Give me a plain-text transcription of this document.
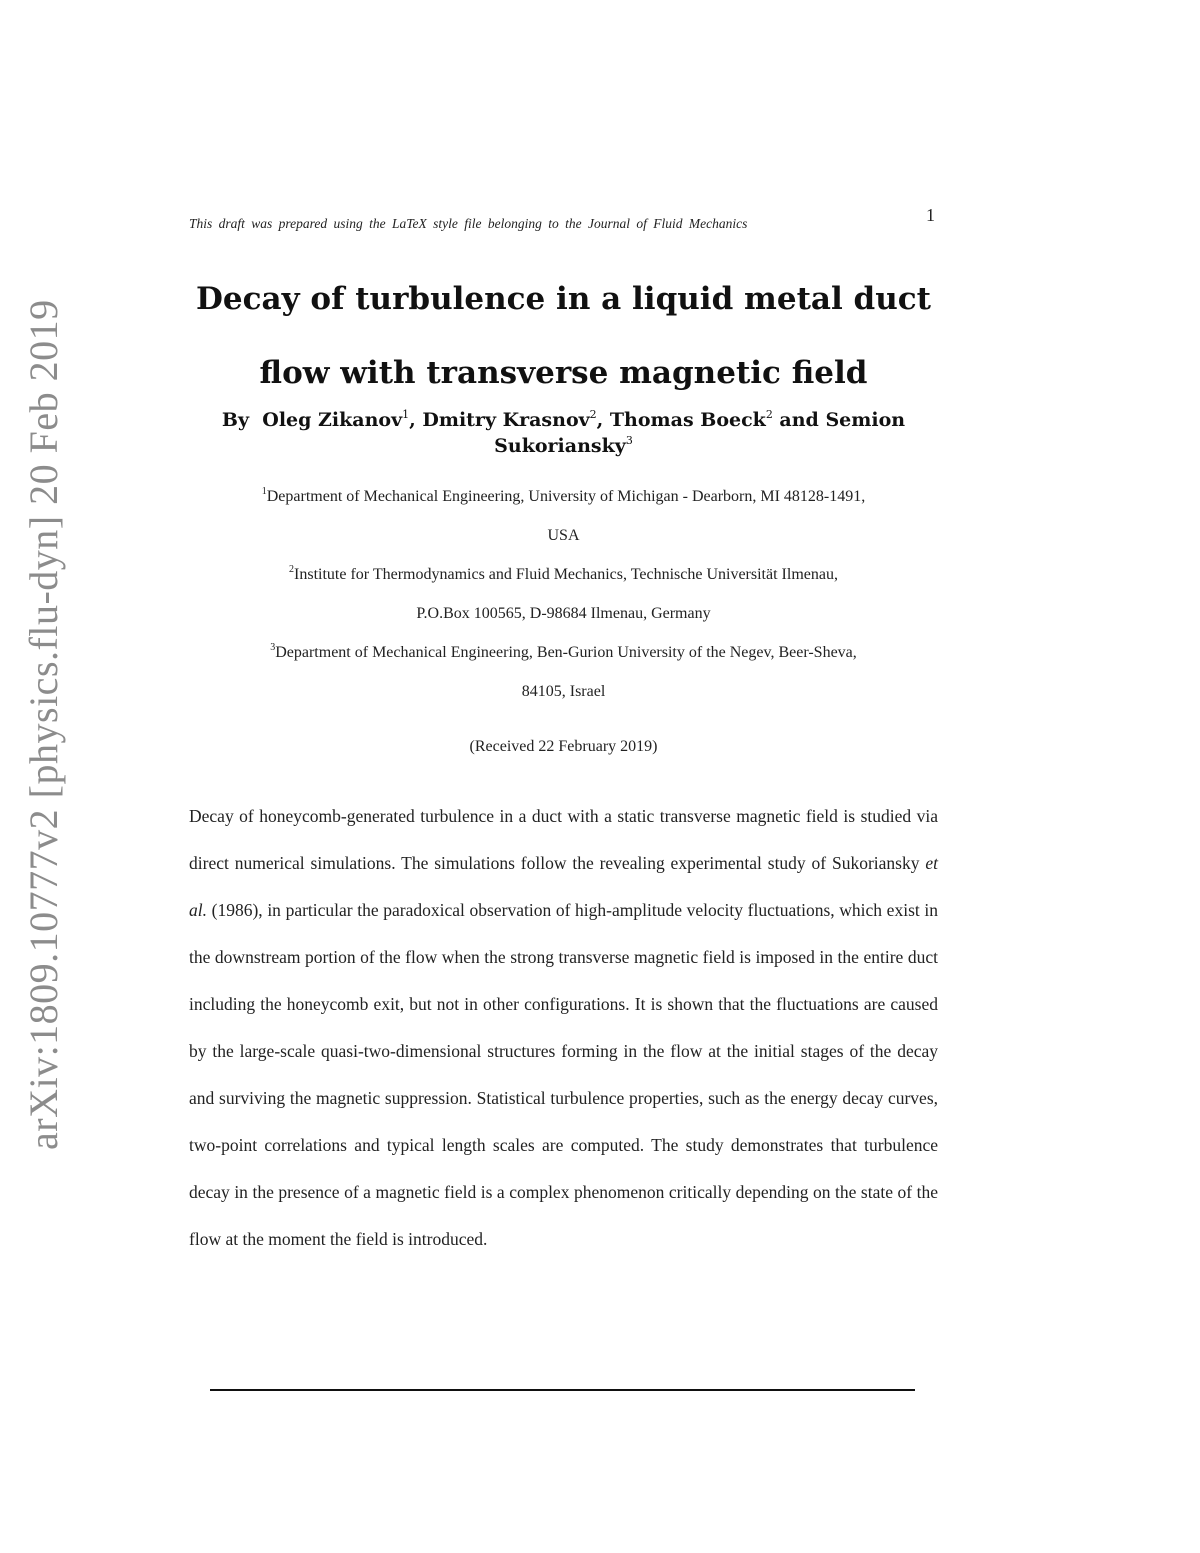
arXiv:1809.10777v2 [physics.flu-dyn] 20 Feb 2019
This draft was prepared using the LaTeX style file belonging to the Journal of Fluid Mechanics	1
Decay of turbulence in a liquid metal duct
flow with transverse magnetic field
By Oleg Zikanov$^1$, Dmitry Krasnov$^2$, Thomas Boeck$^2$ and Semion Sukoriansky$^3$
$^1$Department of Mechanical Engineering, University of Michigan - Dearborn, MI 48128-1491,
USA
$^2$Institute for Thermodynamics and Fluid Mechanics, Technische Universität Ilmenau,
P.O.Box 100565, D-98684 Ilmenau, Germany
$^3$Department of Mechanical Engineering, Ben-Gurion University of the Negev, Beer-Sheva,
84105, Israel
(Received 22 February 2019)

Decay of honeycomb-generated turbulence in a duct with a static transverse magnetic field is studied via direct numerical simulations. The simulations follow the revealing experimental study of Sukoriansky et al. (1986), in particular the paradoxical observation of high-amplitude velocity fluctuations, which exist in the downstream portion of the flow when the strong transverse magnetic field is imposed in the entire duct including the honeycomb exit, but not in other configurations. It is shown that the fluctuations are caused by the large-scale quasi-two-dimensional structures forming in the flow at the initial stages of the decay and surviving the magnetic suppression. Statistical turbulence properties, such as the energy decay curves, two-point correlations and typical length scales are computed. The study demonstrates that turbulence decay in the presence of a magnetic field is a complex phenomenon critically depending on the state of the flow at the moment the field is introduced.
